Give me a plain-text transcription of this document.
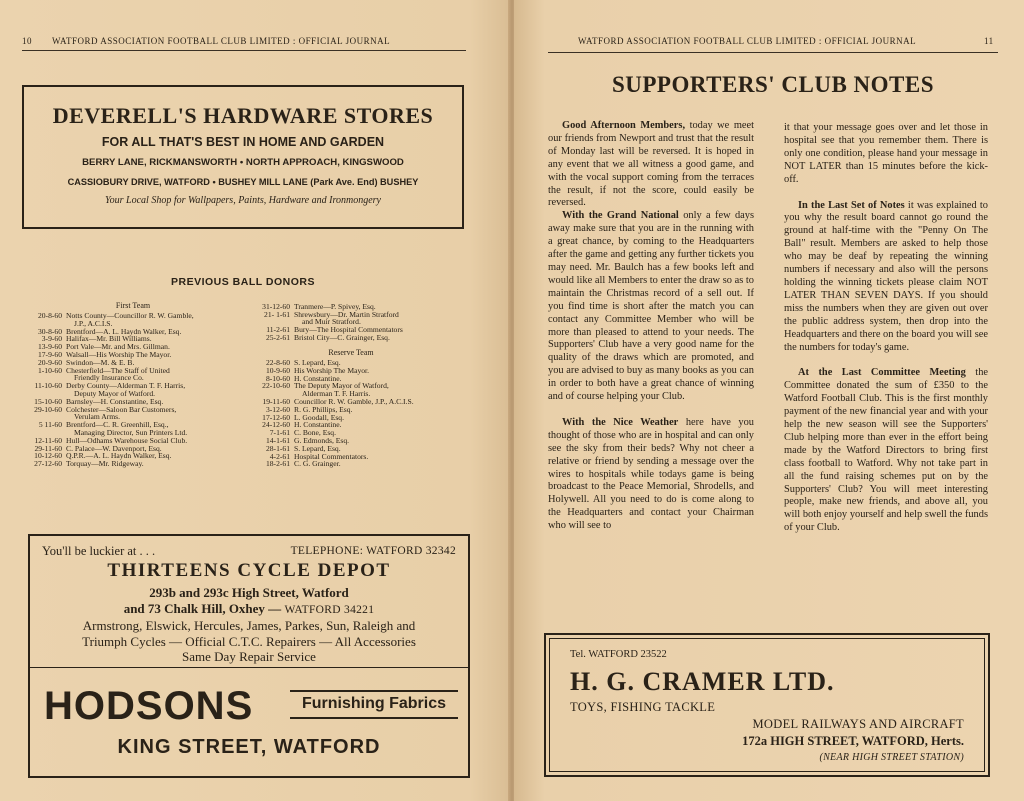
10 WATFORD ASSOCIATION FOOTBALL CLUB LIMITED : OFFICIAL JOURNAL
DEVERELL'S HARDWARE STORES
FOR ALL THAT'S BEST IN HOME AND GARDEN
BERRY LANE, RICKMANSWORTH • NORTH APPROACH, KINGSWOOD
CASSIOBURY DRIVE, WATFORD • BUSHEY MILL LANE (Park Ave. End) BUSHEY
Your Local Shop for Wallpapers, Paints, Hardware and Ironmongery
PREVIOUS BALL DONORS
First Team
20-8-60 Notts County—Councillor R. W. Gamble,
J.P., A.C.I.S.
30-8-60 Brentford—A. L. Haydn Walker, Esq.
3-9-60 Halifax—Mr. Bill Williams.
13-9-60 Port Vale—Mr. and Mrs. Gillman.
17-9-60 Walsall—His Worship The Mayor.
20-9-60 Swindon—M. & E. B.
1-10-60 Chesterfield—The Staff of United
Friendly Insurance Co.
11-10-60 Derby County—Alderman T. F. Harris,
Deputy Mayor of Watford.
15-10-60 Barnsley—H. Constantine, Esq.
29-10-60 Colchester—Saloon Bar Customers,
Verulam Arms.
5 11-60 Brentford—C. R. Greenhill, Esq.,
Managing Director, Sun Printers Ltd.
12-11-60 Hull—Odhams Warehouse Social Club.
29-11-60 C. Palace—W. Davenport, Esq.
10-12-60 Q.P.R.—A. L. Haydn Walker, Esq.
27-12-60 Torquay—Mr. Ridgeway.
31-12-60 Tranmere—P. Spivey, Esq.
21- 1-61 Shrewsbury—Dr. Martin Stratford
and Muir Stratford.
11-2-61 Bury—The Hospital Commentators
25-2-61 Bristol City—C. Grainger, Esq.
Reserve Team
22-8-60 S. Lepard, Esq.
10-9-60 His Worship The Mayor.
8-10-60 H. Constantine.
22-10-60 The Deputy Mayor of Watford,
Alderman T. F. Harris.
19-11-60 Councillor R. W. Gamble, J.P., A.C.I.S.
3-12-60 R. G. Phillips, Esq.
17-12-60 L. Goodall, Esq.
24-12-60 H. Constantine.
7-1-61 C. Bone, Esq.
14-1-61 G. Edmonds, Esq.
28-1-61 S. Lepard, Esq.
4-2-61 Hospital Commentators.
18-2-61 C. G. Grainger.
You'll be luckier at . . .	TELEPHONE: WATFORD 32342
THIRTEENS CYCLE DEPOT
293b and 293c High Street, Watford
and 73 Chalk Hill, Oxhey — WATFORD 34221
Armstrong, Elswick, Hercules, James, Parkes, Sun, Raleigh and
Triumph Cycles — Official C.T.C. Repairers — All Accessories
Same Day Repair Service
HODSONS	Furnishing Fabrics
KING STREET, WATFORD
WATFORD ASSOCIATION FOOTBALL CLUB LIMITED : OFFICIAL JOURNAL	11
SUPPORTERS' CLUB NOTES

Good Afternoon Members, today we meet our friends from Newport and trust that the result of Monday last will be reversed. It is hoped in any event that we all witness a good game, and with the vocal support coming from the terraces the result, if not the score, could easily be reversed.

With the Grand National only a few days away make sure that you are in the running with a great chance, by coming to the Headquarters after the game and getting any further tickets you may need. Mr. Baulch has a few books left and would like all Members to enter the draw so as to maintain the Christmas record of a sell out. If you find time is short after the match you can contact any Committee Member who will be more than pleased to attend to your needs. The Supporters' Club have a very good name for the quality of the draws which are promoted, and you are advised to buy as many books as you can in order to both have a great chance of winning and of course helping your Club.

With the Nice Weather here have you thought of those who are in hospital and can only see the sky from their beds? Why not cheer a relative or friend by sending a message over the wires to hospitals while todays game is being broadcast to the Peace Memorial, Shrodells, and Holywell. All you need to do is come along to the Headquarters and contact your Chairman who will see to

it that your message goes over and let those in hospital see that you remember them. There is only one condition, please hand your message in NOT LATER than 15 minutes before the kick-off.

In the Last Set of Notes it was explained to you why the result board cannot go round the ground at half-time with the "Penny On The Ball" result. Members are asked to help those who may be deaf by repeating the winning numbers if necessary and also will the persons holding the winning tickets please claim NOT LATER THAN SEVEN DAYS. If you should miss the numbers when they are given out over the public address system, then drop into the Headquarters and there on the board you will see the numbers for today's game.

At the Last Committee Meeting the Committee donated the sum of £350 to the Watford Football Club. This is the first monthly payment of the new financial year and with your help the new season will see the Supporters' Club helping more than ever in the effort being made by the Watford Directors to bring first class football to Watford. Why not take part in all the fund raising schemes put on by the Supporters' Club? You will meet interesting people, make new friends, and above all, you will both enjoy yourself and help swell the funds of your Club.

Tel. WATFORD 23522
H. G. CRAMER LTD.
TOYS, FISHING TACKLE
MODEL RAILWAYS AND AIRCRAFT
172a HIGH STREET, WATFORD, Herts.
(NEAR HIGH STREET STATION)
